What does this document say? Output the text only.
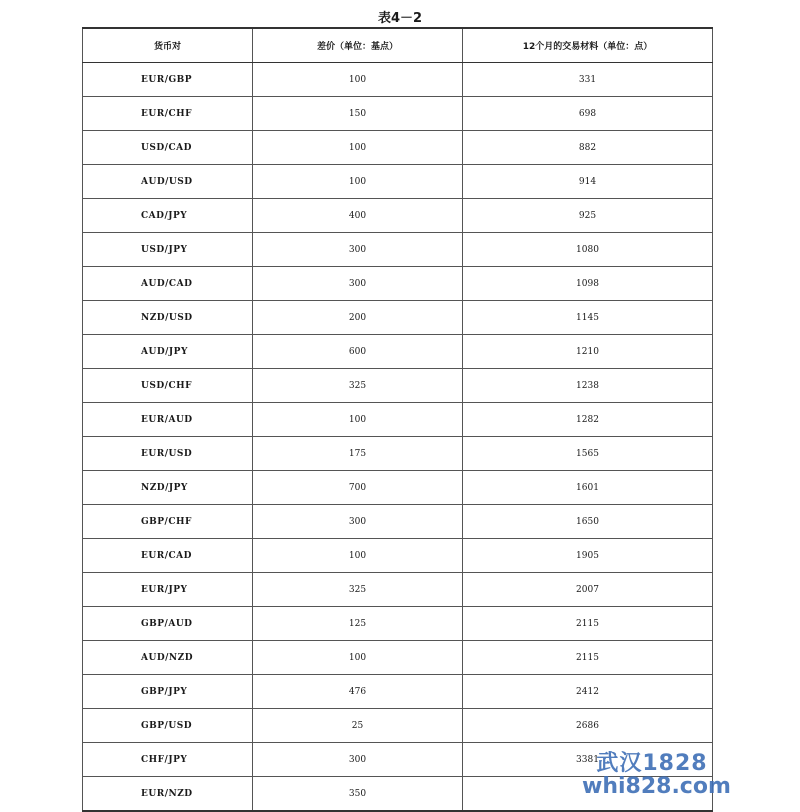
表4－2
货币对	差价（单位：基点）	12个月的交易材料（单位：点）
EUR/GBP	100	331
EUR/CHF	150	698
USD/CAD	100	882
AUD/USD	100	914
CAD/JPY	400	925
USD/JPY	300	1080
AUD/CAD	300	1098
NZD/USD	200	1145
AUD/JPY	600	1210
USD/CHF	325	1238
EUR/AUD	100	1282
EUR/USD	175	1565
NZD/JPY	700	1601
GBP/CHF	300	1650
EUR/CAD	100	1905
EUR/JPY	325	2007
GBP/AUD	125	2115
AUD/NZD	100	2115
GBP/JPY	476	2412
GBP/USD	25	2686
CHF/JPY	300	3381
EUR/NZD	350	
武汉1828
whi828.com
